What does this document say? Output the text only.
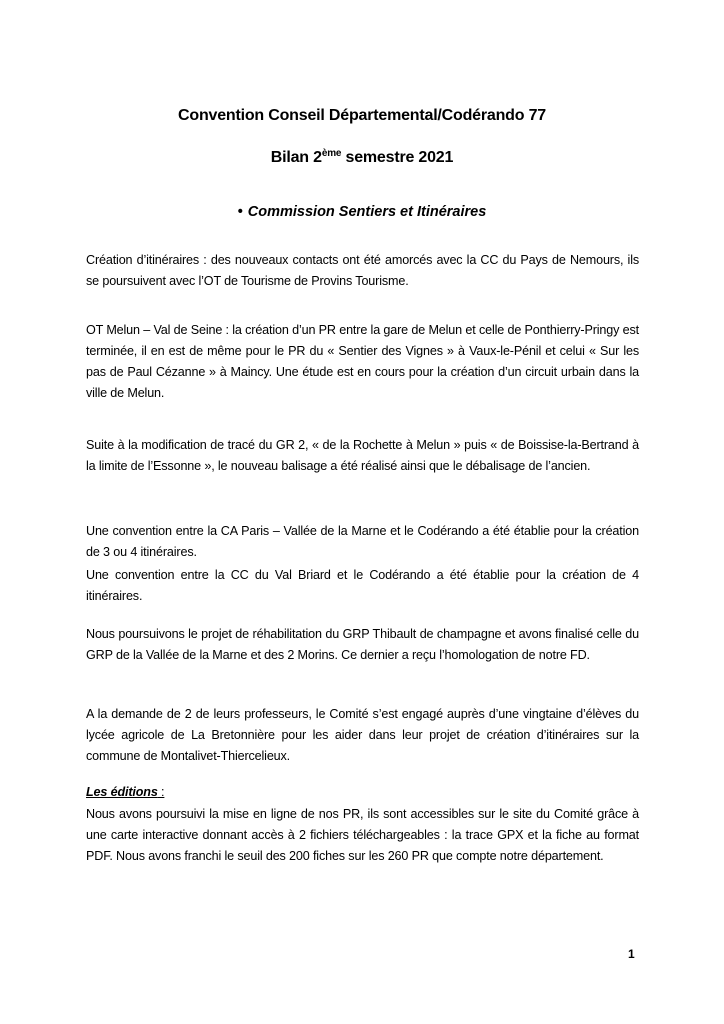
Convention Conseil Départemental/Codérando 77
Bilan 2ème semestre 2021
• Commission Sentiers et Itinéraires

Création d’itinéraires : des nouveaux contacts ont été amorcés avec la CC du Pays de Nemours, ils se poursuivent avec l’OT de Tourisme de Provins Tourisme.

OT Melun – Val de Seine : la création d’un PR entre la gare de Melun et celle de Ponthierry-Pringy est terminée, il en est de même pour le PR du « Sentier des Vignes » à Vaux-le-Pénil et celui « Sur les pas de Paul Cézanne » à Maincy. Une étude est en cours pour la création d’un circuit urbain dans la ville de Melun.

Suite à la modification de tracé du GR 2, « de la Rochette à Melun » puis « de Boissise-la-Bertrand à la limite de l’Essonne », le nouveau balisage a été réalisé ainsi que le débalisage de l’ancien.

Une convention entre la CA Paris – Vallée de la Marne et le Codérando a été établie pour la création de 3 ou 4 itinéraires.

Une convention entre la CC du Val Briard et le Codérando a été établie pour la création de 4 itinéraires.

Nous poursuivons le projet de réhabilitation du GRP Thibault de champagne et avons finalisé celle du GRP de la Vallée de la Marne et des 2 Morins. Ce dernier a reçu l’homologation de notre FD.

A la demande de 2 de leurs professeurs, le Comité s’est engagé auprès d’une vingtaine d’élèves du lycée agricole de La Bretonnière pour les aider dans leur projet de création d’itinéraires sur la commune de Montalivet-Thiercelieux.

Les éditions :

Nous avons poursuivi la mise en ligne de nos PR, ils sont accessibles sur le site du Comité grâce à une carte interactive donnant accès à 2 fichiers téléchargeables : la trace GPX et la fiche au format PDF. Nous avons franchi le seuil des 200 fiches sur les 260 PR que compte notre département.

1
